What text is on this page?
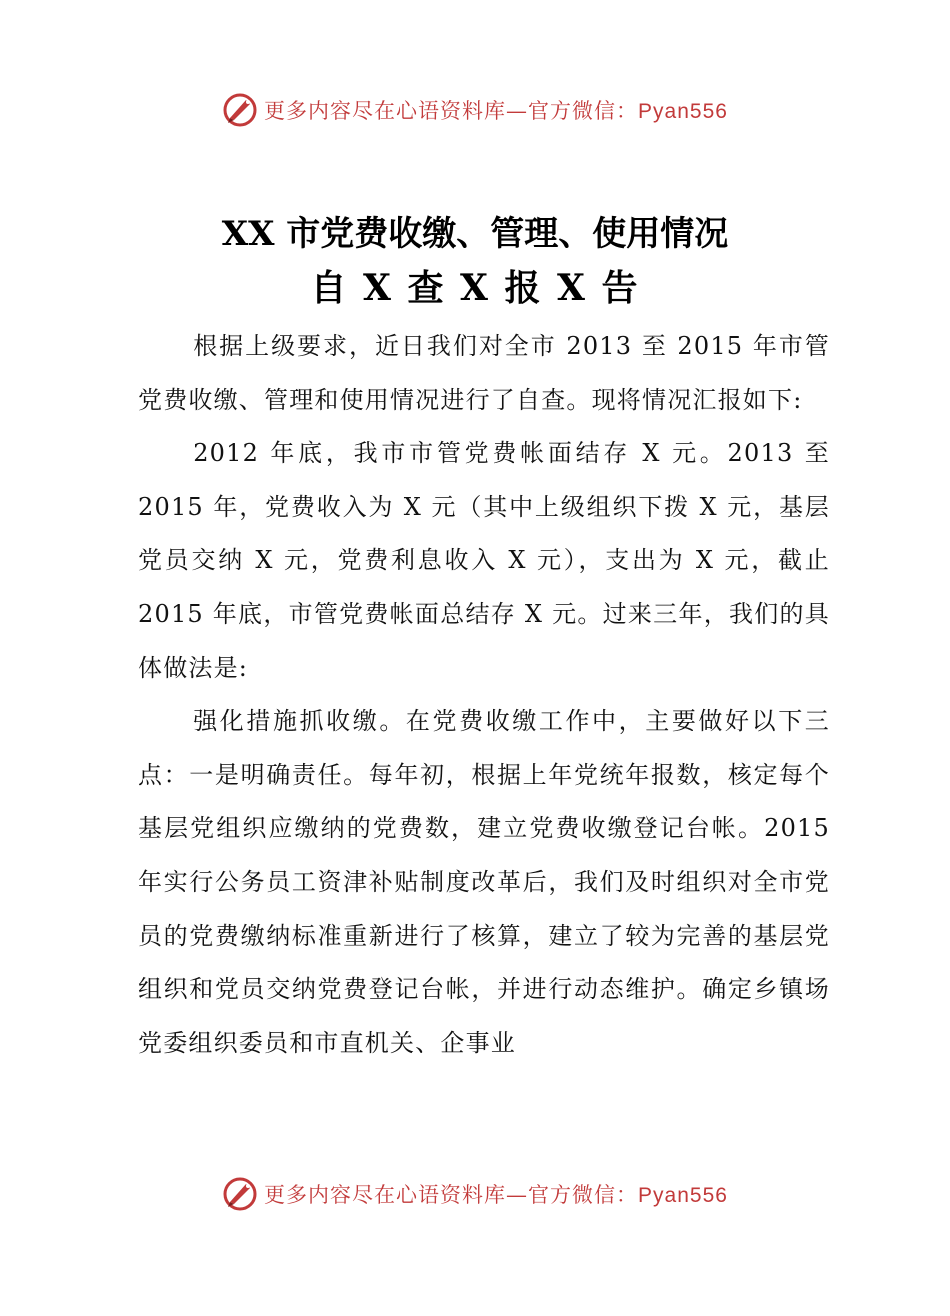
更多内容尽在心语资料库—官方微信：Pyan556
XX 市党费收缴、管理、使用情况
自 X 查 X 报 X 告

根据上级要求，近日我们对全市 2013 至 2015 年市管党费收缴、管理和使用情况进行了自查。现将情况汇报如下:

2012 年底，我市市管党费帐面结存 X 元。2013 至 2015 年，党费收入为 X 元（其中上级组织下拨 X 元，基层党员交纳 X 元，党费利息收入 X 元），支出为 X 元，截止 2015 年底，市管党费帐面总结存 X 元。过来三年，我们的具体做法是:

强化措施抓收缴。在党费收缴工作中，主要做好以下三点：一是明确责任。每年初，根据上年党统年报数，核定每个基层党组织应缴纳的党费数，建立党费收缴登记台帐。2015 年实行公务员工资津补贴制度改革后，我们及时组织对全市党员的党费缴纳标准重新进行了核算，建立了较为完善的基层党组织和党员交纳党费登记台帐，并进行动态维护。确定乡镇场党委组织委员和市直机关、企事业

更多内容尽在心语资料库—官方微信：Pyan556
